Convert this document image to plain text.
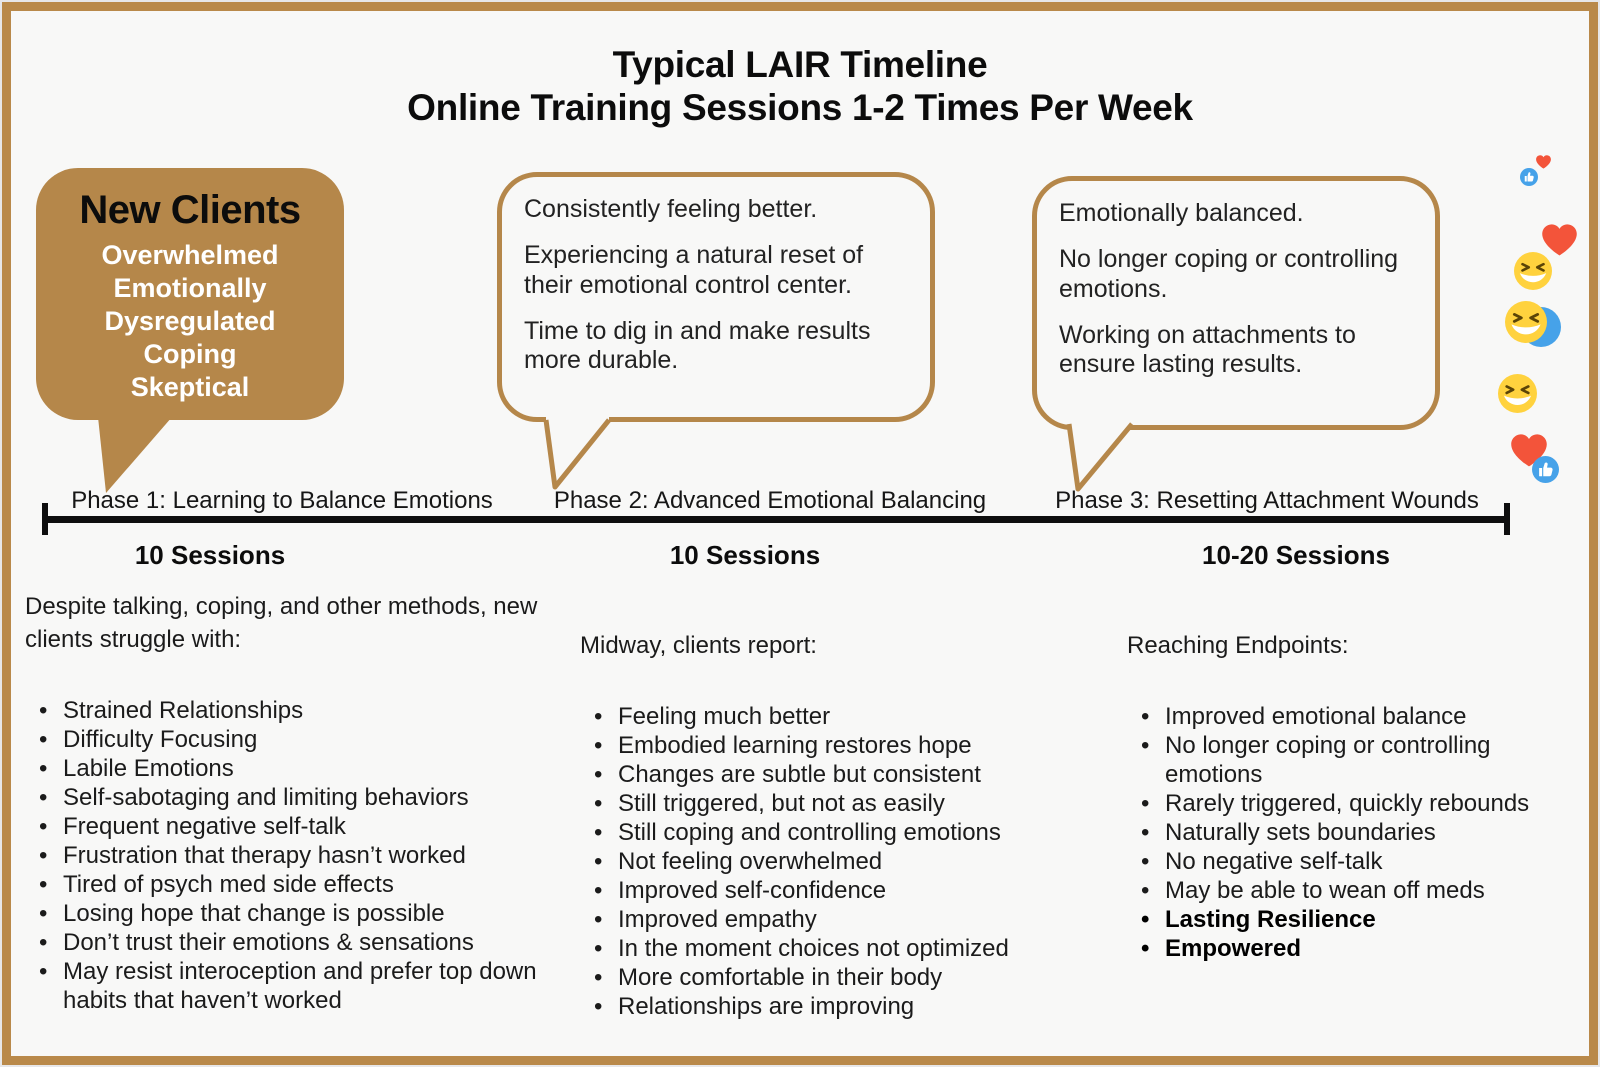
Typical LAIR Timeline
Online Training Sessions 1-2 Times Per Week
New Clients
Overwhelmed
Emotionally
Dysregulated
Coping
Skeptical

Consistently feeling better.

Experiencing a natural reset of their emotional control center.

Time to dig in and make results more durable.

Emotionally balanced.

No longer coping or controlling emotions.

Working on attachments to ensure lasting results.

Phase 1: Learning to Balance Emotions	Phase 2: Advanced Emotional Balancing	Phase 3: Resetting Attachment Wounds
10 Sessions	10 Sessions	10-20 Sessions

Despite talking, coping, and other methods, new clients struggle with:

• Strained Relationships
• Difficulty Focusing
• Labile Emotions
• Self-sabotaging and limiting behaviors
• Frequent negative self-talk
• Frustration that therapy hasn’t worked
• Tired of psych med side effects
• Losing hope that change is possible
• Don’t trust their emotions & sensations
• May resist interoception and prefer top down habits that haven’t worked

Midway, clients report:

• Feeling much better
• Embodied learning restores hope
• Changes are subtle but consistent
• Still triggered, but not as easily
• Still coping and controlling emotions
• Not feeling overwhelmed
• Improved self-confidence
• Improved empathy
• In the moment choices not optimized
• More comfortable in their body
• Relationships are improving

Reaching Endpoints:

• Improved emotional balance
• No longer coping or controlling emotions
• Rarely triggered, quickly rebounds
• Naturally sets boundaries
• No negative self-talk
• May be able to wean off meds
• Lasting Resilience
• Empowered
